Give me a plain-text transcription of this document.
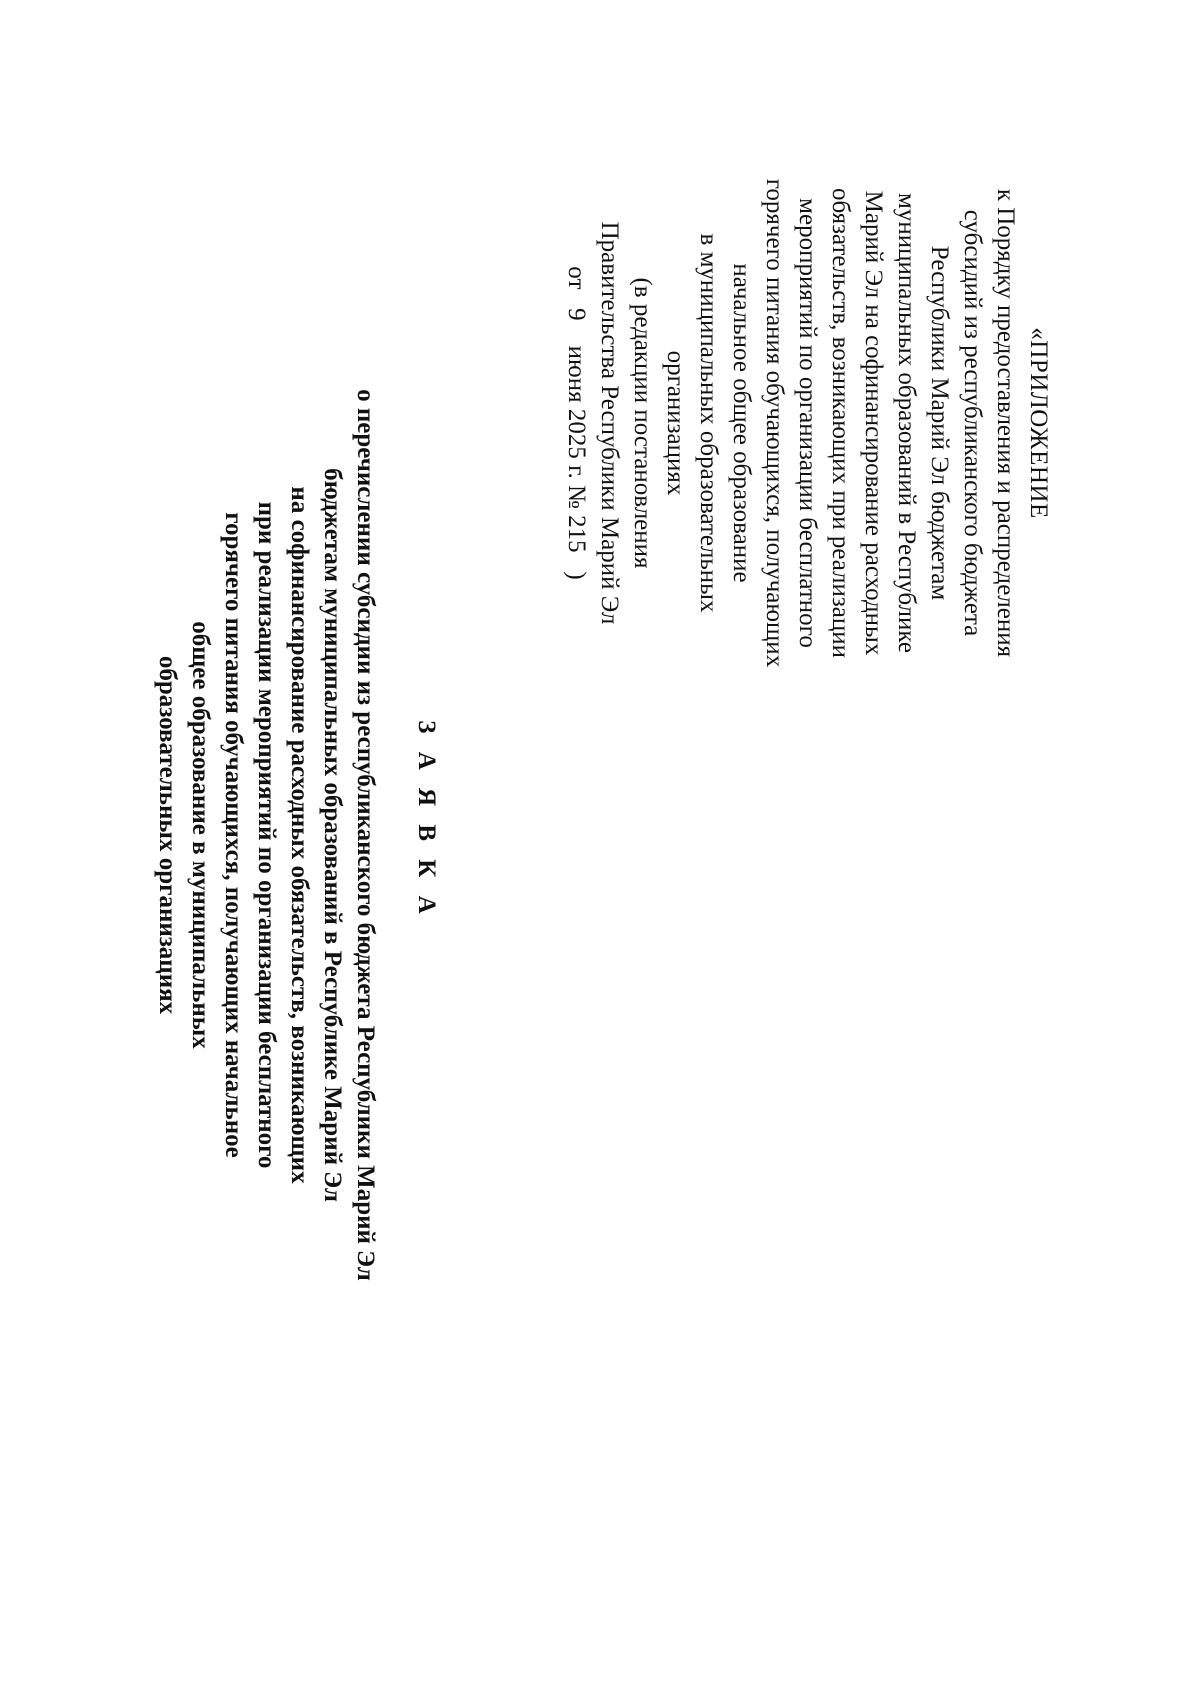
«ПРИЛОЖЕНИЕ
к Порядку предоставления и распределения
субсидий из республиканского бюджета
Республики Марий Эл бюджетам
муниципальных образований в Республике
Марий Эл на софинансирование расходных
обязательств, возникающих при реализации
мероприятий по организации бесплатного
горячего питания обучающихся, получающих
начальное общее образование
в муниципальных образовательных
организациях
(в редакции постановления
Правительства Республики Марий Эл
от   9    июня 2025 г. № 215   )
З А Я В К А
о перечислении субсидии из республиканского бюджета Республики Марий Эл
бюджетам муниципальных образований в Республике Марий Эл
на софинансирование расходных обязательств, возникающих
при реализации мероприятий по организации бесплатного
горячего питания обучающихся, получающих начальное
общее образование в муниципальных
образовательных организациях
